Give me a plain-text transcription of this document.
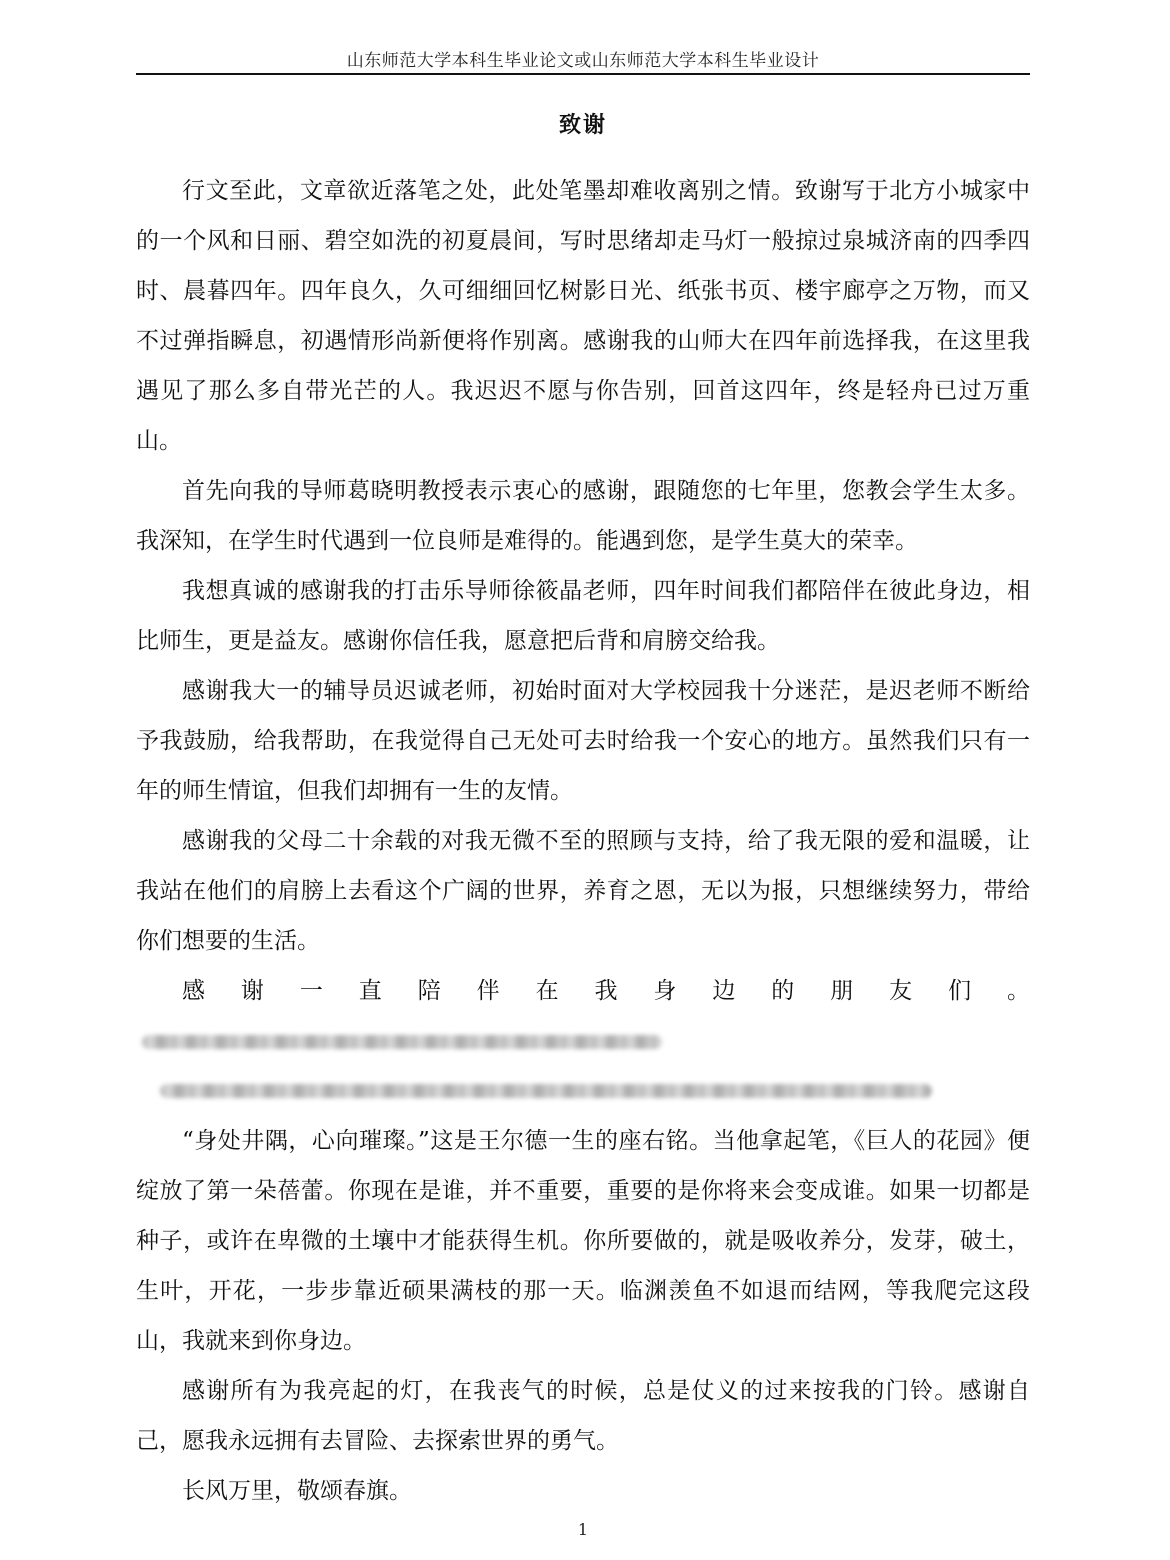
山东师范大学本科生毕业论文或山东师范大学本科生毕业设计
致谢

行文至此，文章欲近落笔之处，此处笔墨却难收离别之情。致谢写于北方小城家中的一个风和日丽、碧空如洗的初夏晨间，写时思绪却走马灯一般掠过泉城济南的四季四时、晨暮四年。四年良久，久可细细回忆树影日光、纸张书页、楼宇廊亭之万物，而又不过弹指瞬息，初遇情形尚新便将作别离。感谢我的山师大在四年前选择我，在这里我遇见了那么多自带光芒的人。我迟迟不愿与你告别，回首这四年，终是轻舟已过万重山。

首先向我的导师葛晓明教授表示衷心的感谢，跟随您的七年里，您教会学生太多。我深知，在学生时代遇到一位良师是难得的。能遇到您，是学生莫大的荣幸。

我想真诚的感谢我的打击乐导师徐筱晶老师，四年时间我们都陪伴在彼此身边，相比师生，更是益友。感谢你信任我，愿意把后背和肩膀交给我。

感谢我大一的辅导员迟诚老师，初始时面对大学校园我十分迷茫，是迟老师不断给予我鼓励，给我帮助，在我觉得自己无处可去时给我一个安心的地方。虽然我们只有一年的师生情谊，但我们却拥有一生的友情。

感谢我的父母二十余载的对我无微不至的照顾与支持，给了我无限的爱和温暖，让我站在他们的肩膀上去看这个广阔的世界，养育之恩，无以为报，只想继续努力，带给你们想要的生活。

感谢一直陪伴在我身边的朋友们。

“身处井隅，心向璀璨。”这是王尔德一生的座右铭。当他拿起笔，《巨人的花园》便绽放了第一朵蓓蕾。你现在是谁，并不重要，重要的是你将来会变成谁。如果一切都是种子，或许在卑微的土壤中才能获得生机。你所要做的，就是吸收养分，发芽，破土，生叶，开花，一步步靠近硕果满枝的那一天。临渊羡鱼不如退而结网，等我爬完这段山，我就来到你身边。

感谢所有为我亮起的灯，在我丧气的时候，总是仗义的过来按我的门铃。感谢自己，愿我永远拥有去冒险、去探索世界的勇气。

长风万里，敬颂春旗。

1
